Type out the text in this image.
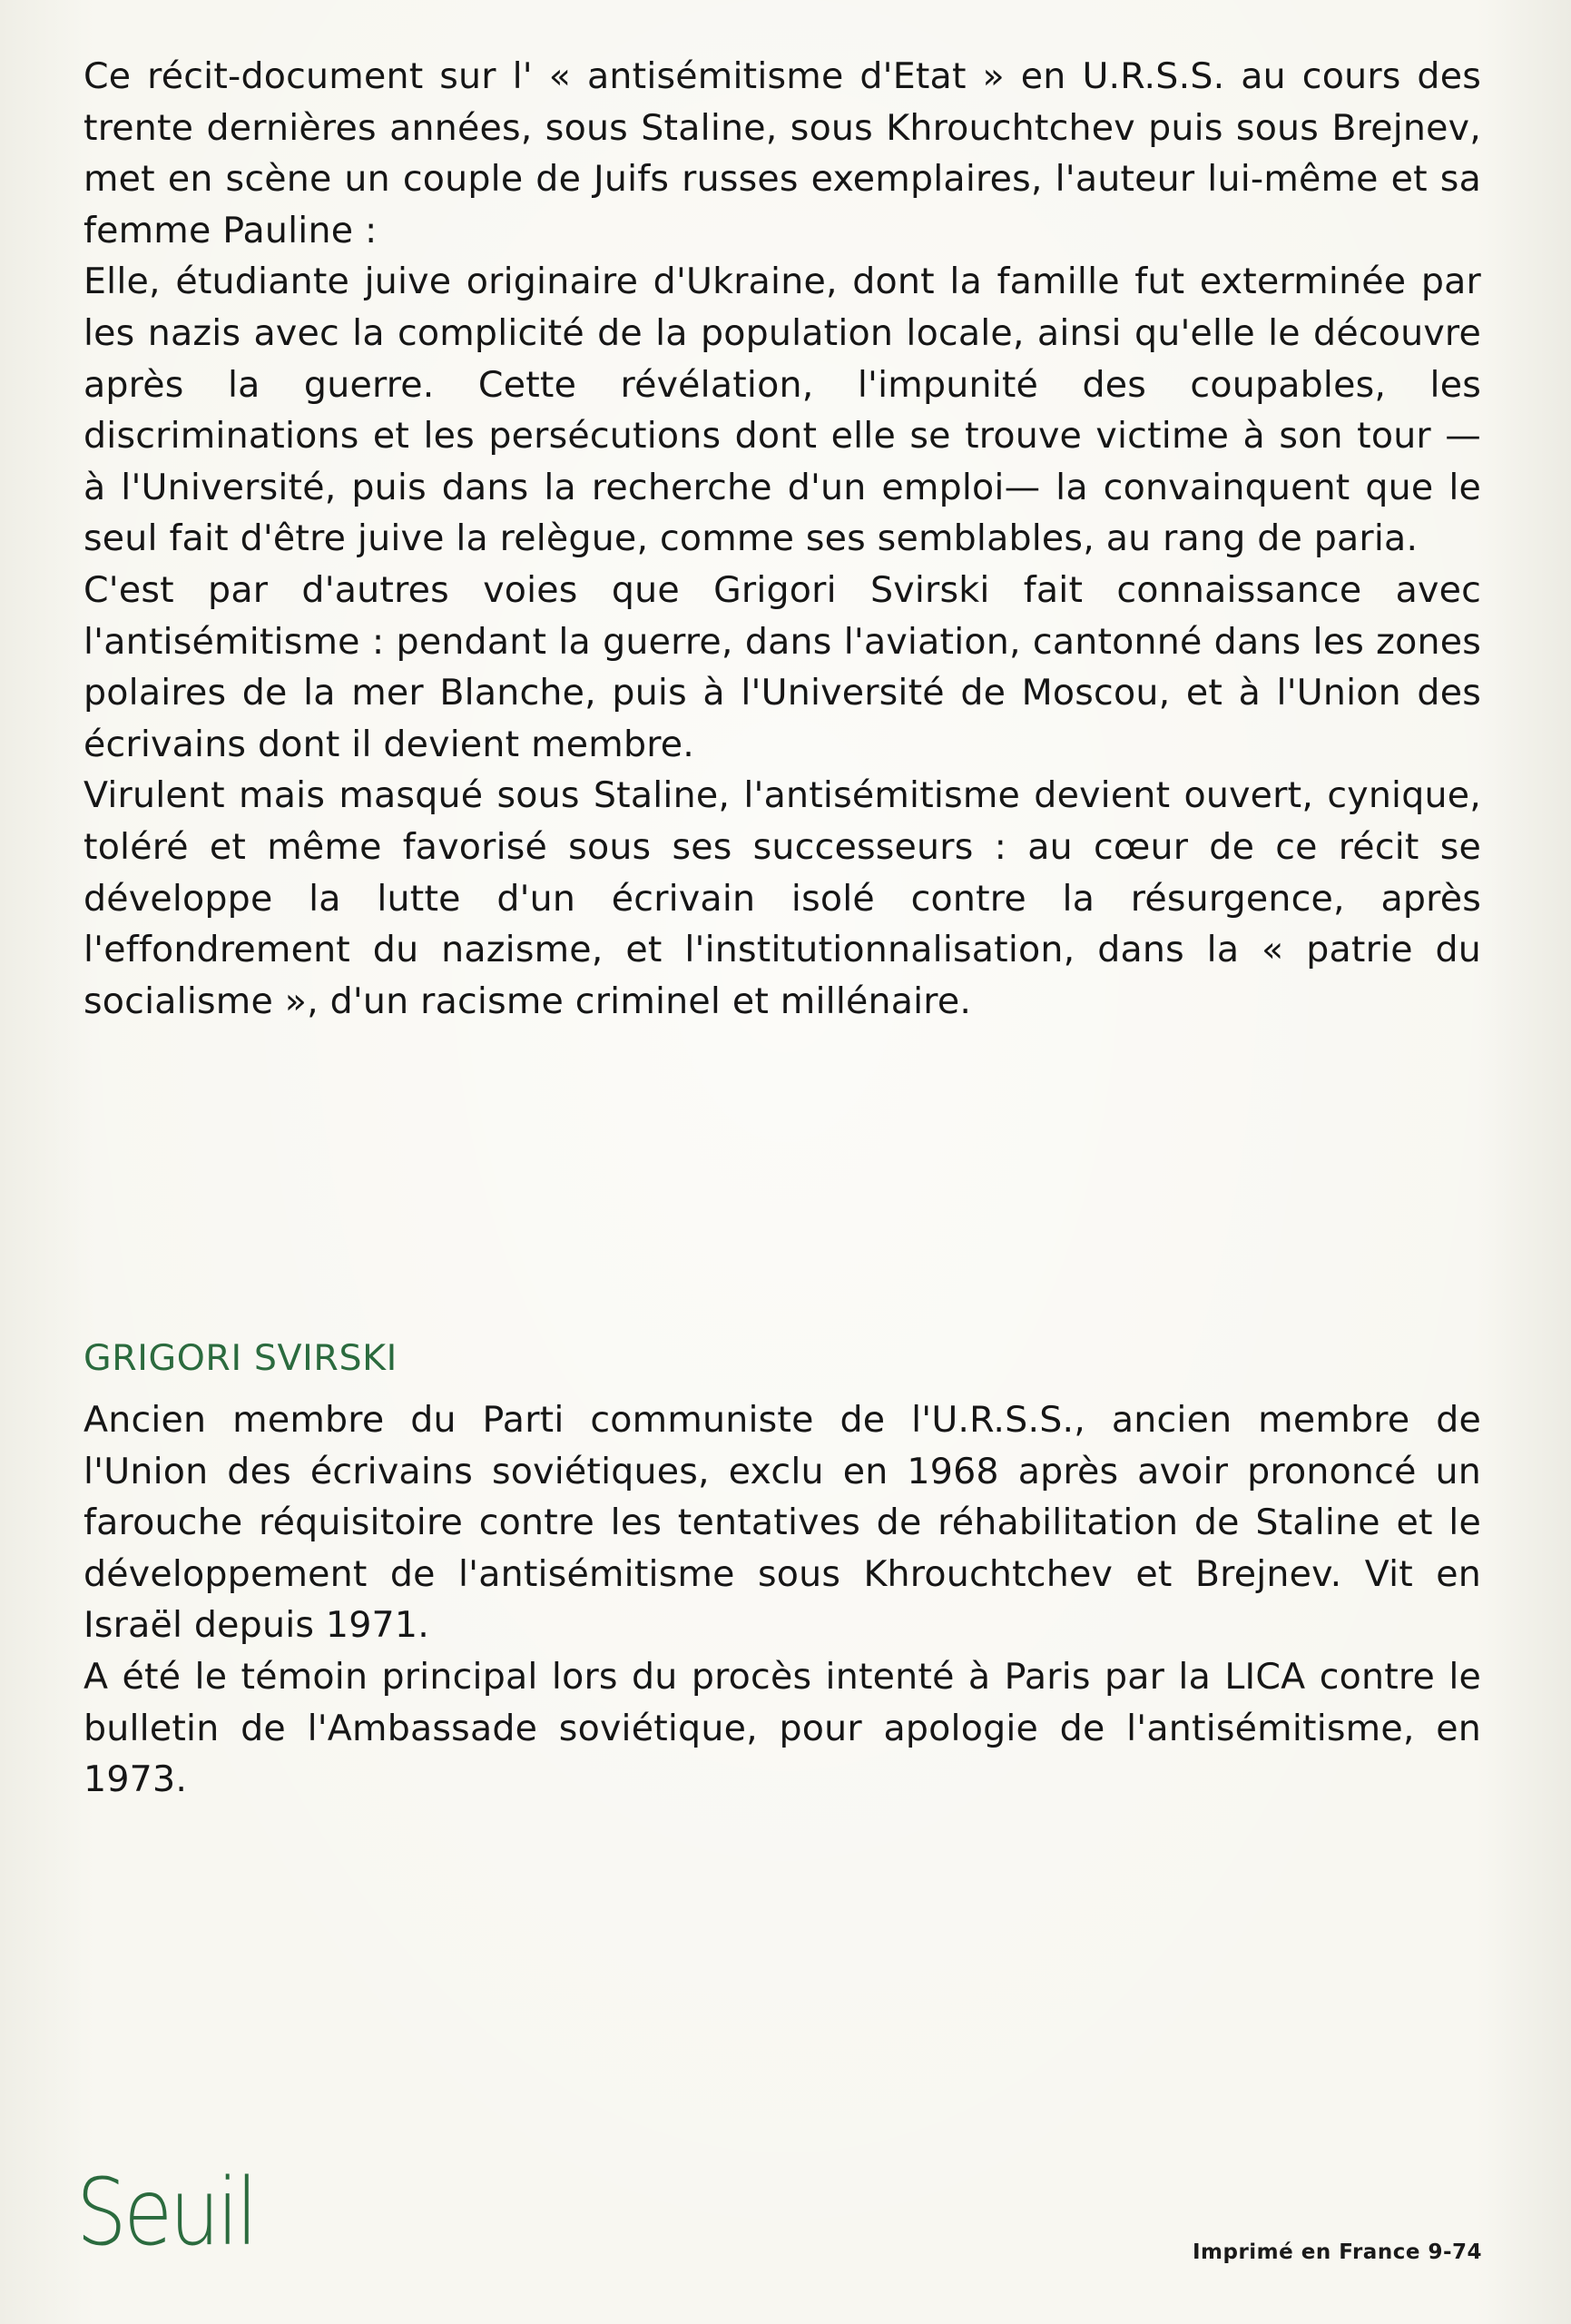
Ce récit-document sur l' « antisémitisme d'Etat » en U.R.S.S. au cours des trente dernières années, sous Staline, sous Khrouchtchev puis sous Brejnev, met en scène un couple de Juifs russes exemplaires, l'auteur lui-même et sa femme Pauline :

Elle, étudiante juive originaire d'Ukraine, dont la famille fut exterminée par les nazis avec la complicité de la population locale, ainsi qu'elle le découvre après la guerre. Cette révélation, l'impunité des coupables, les discriminations et les persécutions dont elle se trouve victime à son tour — à l'Université, puis dans la recherche d'un emploi— la convainquent que le seul fait d'être juive la relègue, comme ses semblables, au rang de paria.

C'est par d'autres voies que Grigori Svirski fait connaissance avec l'antisémitisme : pendant la guerre, dans l'aviation, cantonné dans les zones polaires de la mer Blanche, puis à l'Université de Moscou, et à l'Union des écrivains dont il devient membre.

Virulent mais masqué sous Staline, l'antisémitisme devient ouvert, cynique, toléré et même favorisé sous ses successeurs : au cœur de ce récit se développe la lutte d'un écrivain isolé contre la résurgence, après l'effondrement du nazisme, et l'institutionnalisation, dans la « patrie du socialisme », d'un racisme criminel et millénaire.

GRIGORI SVIRSKI

Ancien membre du Parti communiste de l'U.R.S.S., ancien membre de l'Union des écrivains soviétiques, exclu en 1968 après avoir prononcé un farouche réquisitoire contre les tentatives de réhabilitation de Staline et le développement de l'antisémitisme sous Khrouchtchev et Brejnev. Vit en Israël depuis 1971.

A été le témoin principal lors du procès intenté à Paris par la LICA contre le bulletin de l'Ambassade soviétique, pour apologie de l'antisémitisme, en 1973.

Seuil	Imprimé en France 9-74
